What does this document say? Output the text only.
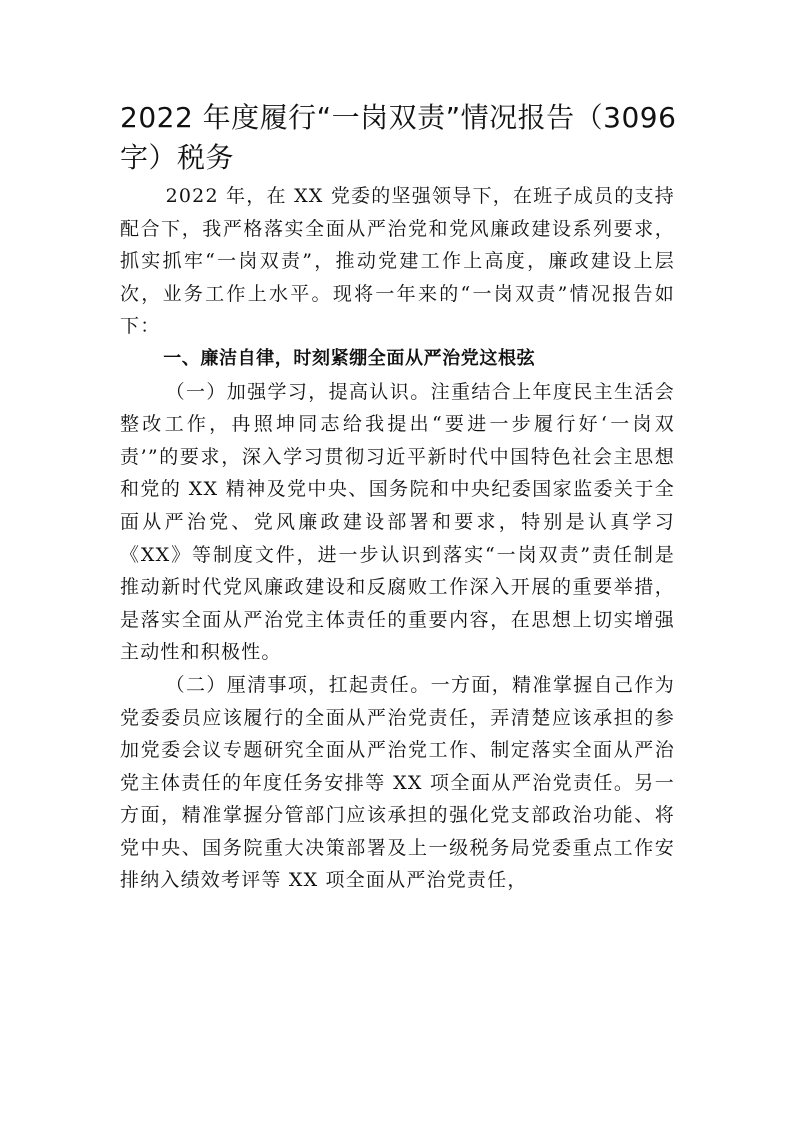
2022 年度履行“一岗双责”情况报告（3096 字）税务

2022 年，在 XX 党委的坚强领导下，在班子成员的支持配合下，我严格落实全面从严治党和党风廉政建设系列要求，抓实抓牢“一岗双责”，推动党建工作上高度，廉政建设上层次，业务工作上水平。现将一年来的“一岗双责”情况报告如下：

一、廉洁自律，时刻紧绷全面从严治党这根弦

（一）加强学习，提高认识。注重结合上年度民主生活会整改工作，冉照坤同志给我提出“要进一步履行好‘一岗双责’”的要求，深入学习贯彻习近平新时代中国特色社会主思想和党的 XX 精神及党中央、国务院和中央纪委国家监委关于全面从严治党、党风廉政建设部署和要求，特别是认真学习《XX》等制度文件，进一步认识到落实“一岗双责”责任制是推动新时代党风廉政建设和反腐败工作深入开展的重要举措，是落实全面从严治党主体责任的重要内容，在思想上切实增强主动性和积极性。

（二）厘清事项，扛起责任。一方面，精准掌握自己作为党委委员应该履行的全面从严治党责任，弄清楚应该承担的参加党委会议专题研究全面从严治党工作、制定落实全面从严治党主体责任的年度任务安排等 XX 项全面从严治党责任。另一方面，精准掌握分管部门应该承担的强化党支部政治功能、将党中央、国务院重大决策部署及上一级税务局党委重点工作安排纳入绩效考评等 XX 项全面从严治党责任，
